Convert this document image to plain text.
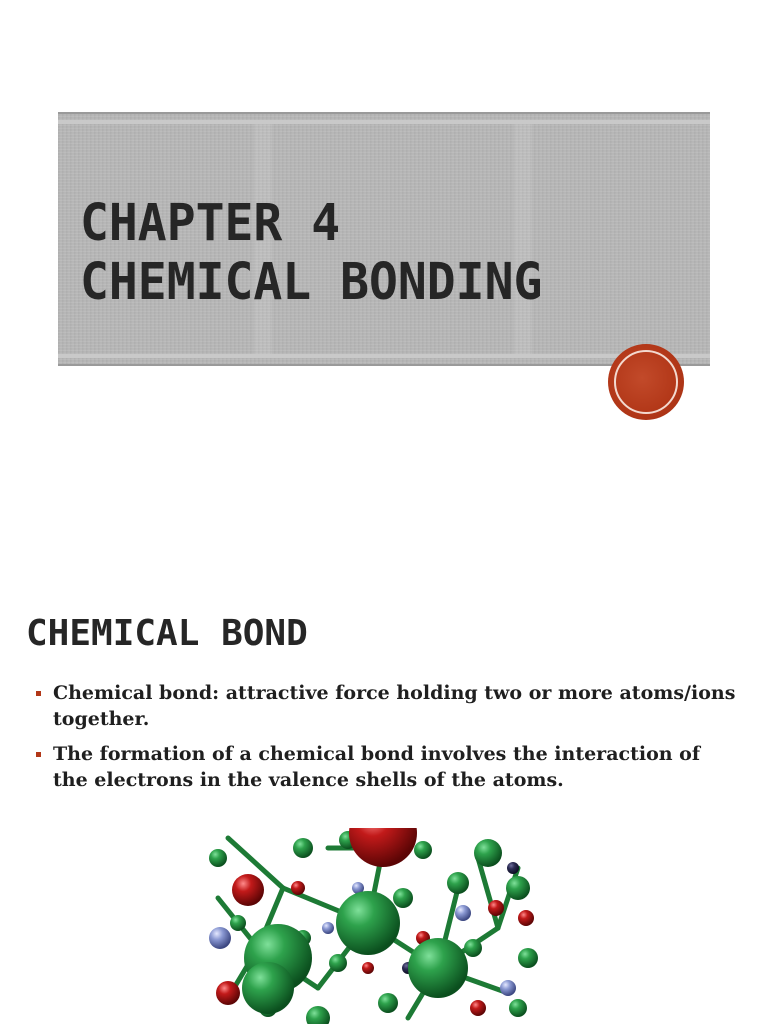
CHAPTER 4
CHEMICAL BONDING
CHEMICAL BOND
Chemical bond: attractive force holding two or more atoms/ions together.
The formation of a chemical bond involves the interaction of the electrons in the valence shells of the atoms.
